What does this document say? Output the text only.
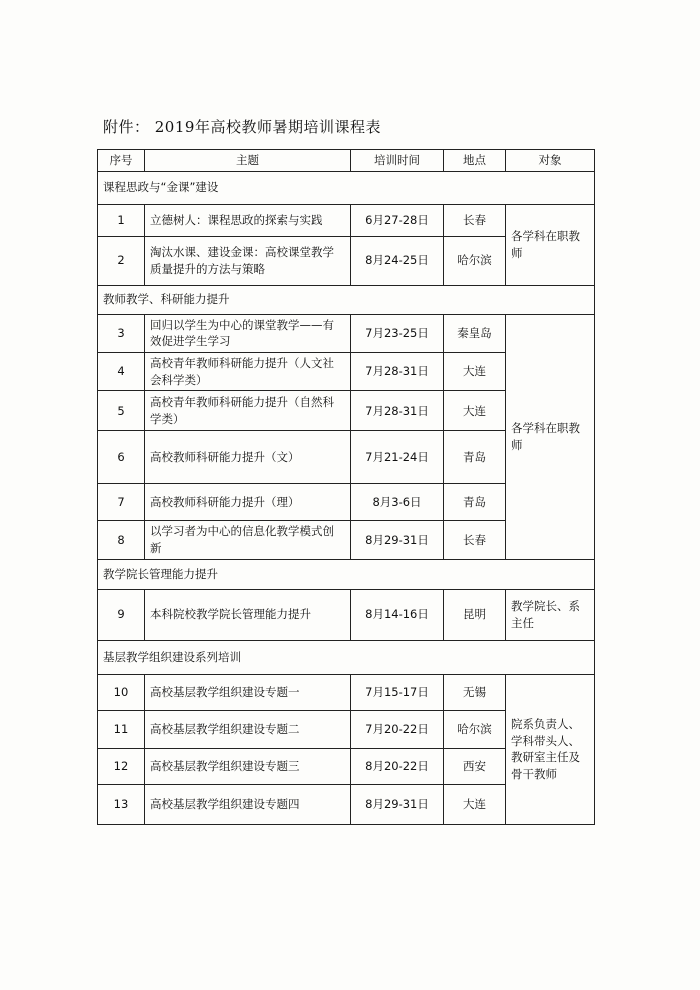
附件： 2019年高校教师暑期培训课程表
序号	主题	培训时间	地点	对象
课程思政与“金课”建设				
1	立德树人：课程思政的探索与实践	6月27-28日	长春	各学科在职教师
2	淘汰水课、建设金课：高校课堂教学质量提升的方法与策略	8月24-25日	哈尔滨	
教师教学、科研能力提升				
3	回归以学生为中心的课堂教学——有效促进学生学习	7月23-25日	秦皇岛	各学科在职教师
4	高校青年教师科研能力提升（人文社会科学类）	7月28-31日	大连	
5	高校青年教师科研能力提升（自然科学类）	7月28-31日	大连	
6	高校教师科研能力提升（文）	7月21-24日	青岛	
7	高校教师科研能力提升（理）	8月3-6日	青岛	
8	以学习者为中心的信息化教学模式创新	8月29-31日	长春	
教学院长管理能力提升				
9	本科院校教学院长管理能力提升	8月14-16日	昆明	教学院长、系主任
基层教学组织建设系列培训				
10	高校基层教学组织建设专题一	7月15-17日	无锡	院系负责人、学科带头人、教研室主任及骨干教师
11	高校基层教学组织建设专题二	7月20-22日	哈尔滨	
12	高校基层教学组织建设专题三	8月20-22日	西安	
13	高校基层教学组织建设专题四	8月29-31日	大连	
